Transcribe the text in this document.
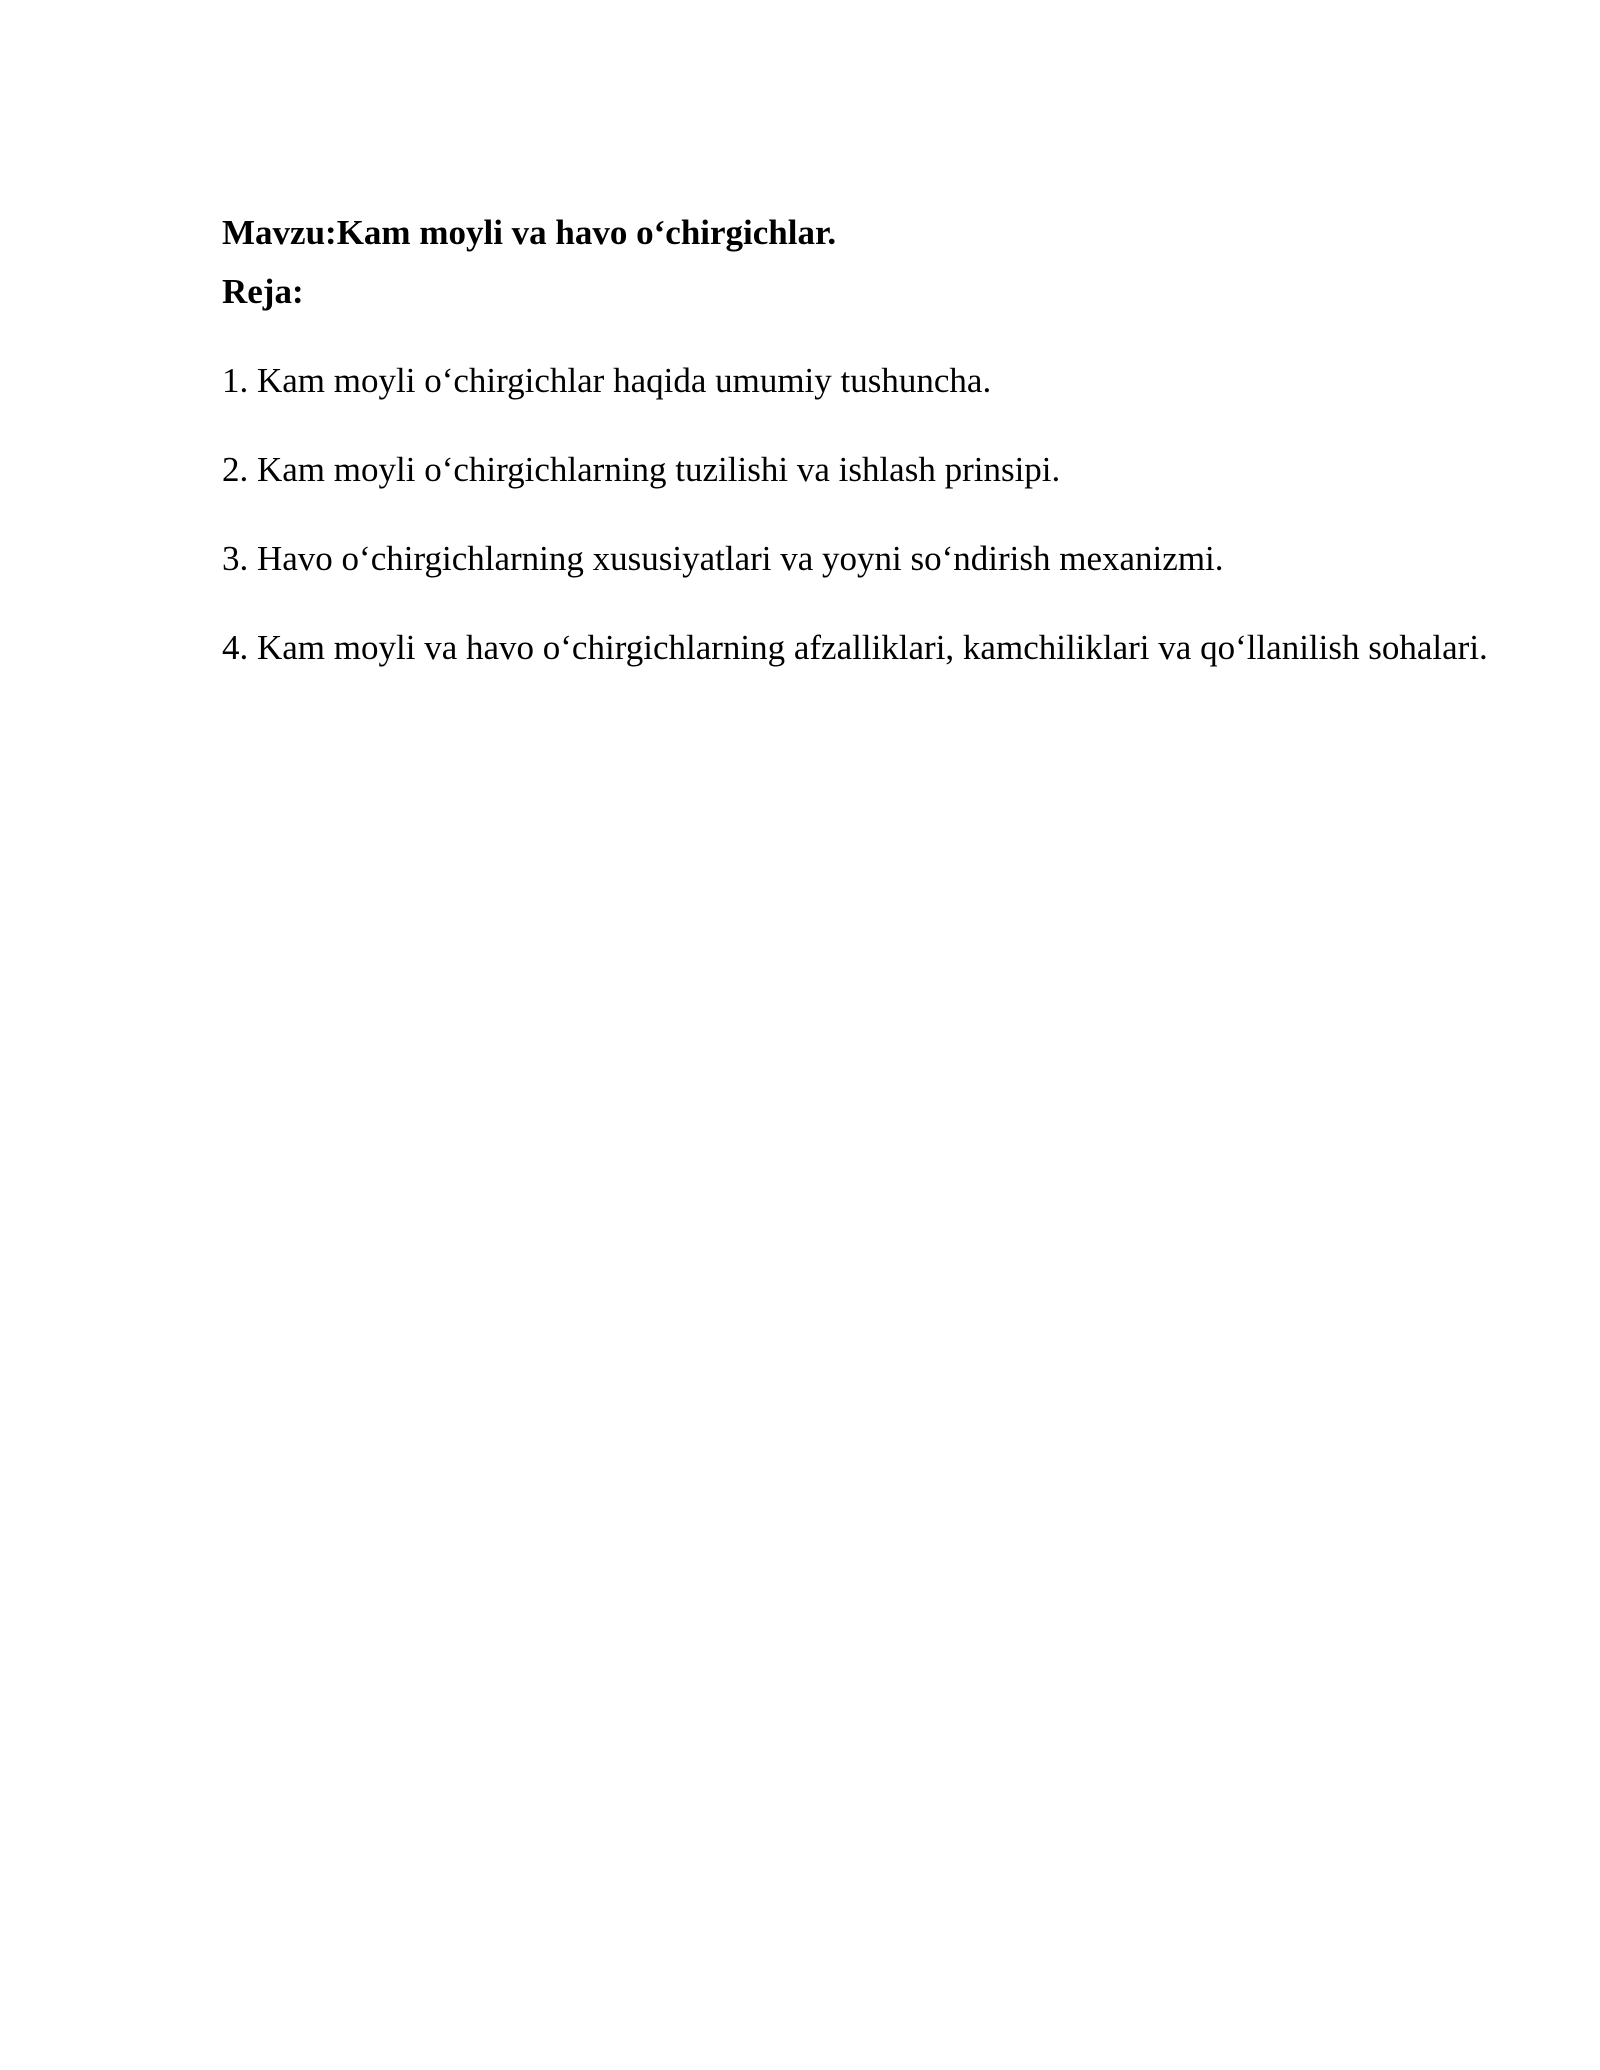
Mavzu:Kam moyli va havo o‘chirgichlar.

Reja:

1. Kam moyli o‘chirgichlar haqida umumiy tushuncha.
2. Kam moyli o‘chirgichlarning tuzilishi va ishlash prinsipi.
3. Havo o‘chirgichlarning xususiyatlari va yoyni so‘ndirish mexanizmi.
4. Kam moyli va havo o‘chirgichlarning afzalliklari, kamchiliklari va qo‘llanilish sohalari.
